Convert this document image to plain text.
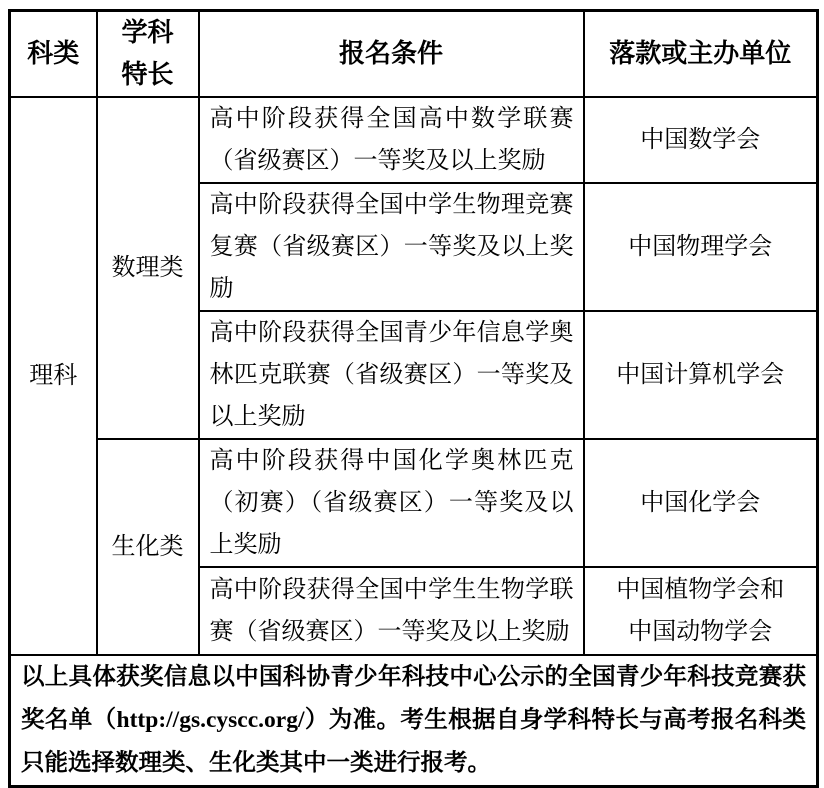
科类	学科特长	报名条件	落款或主办单位
理科	数理类	高中阶段获得全国高中数学联赛（省级赛区）一等奖及以上奖励	中国数学会
		高中阶段获得全国中学生物理竞赛复赛（省级赛区）一等奖及以上奖励	中国物理学会
		高中阶段获得全国青少年信息学奥林匹克联赛（省级赛区）一等奖及以上奖励	中国计算机学会
	生化类	高中阶段获得中国化学奥林匹克（初赛）（省级赛区）一等奖及以上奖励	中国化学会
		高中阶段获得全国中学生生物学联赛（省级赛区）一等奖及以上奖励	中国植物学会和中国动物学会
以上具体获奖信息以中国科协青少年科技中心公示的全国青少年科技竞赛获奖名单（http://gs.cyscc.org/）为准。考生根据自身学科特长与高考报名科类只能选择数理类、生化类其中一类进行报考。			
